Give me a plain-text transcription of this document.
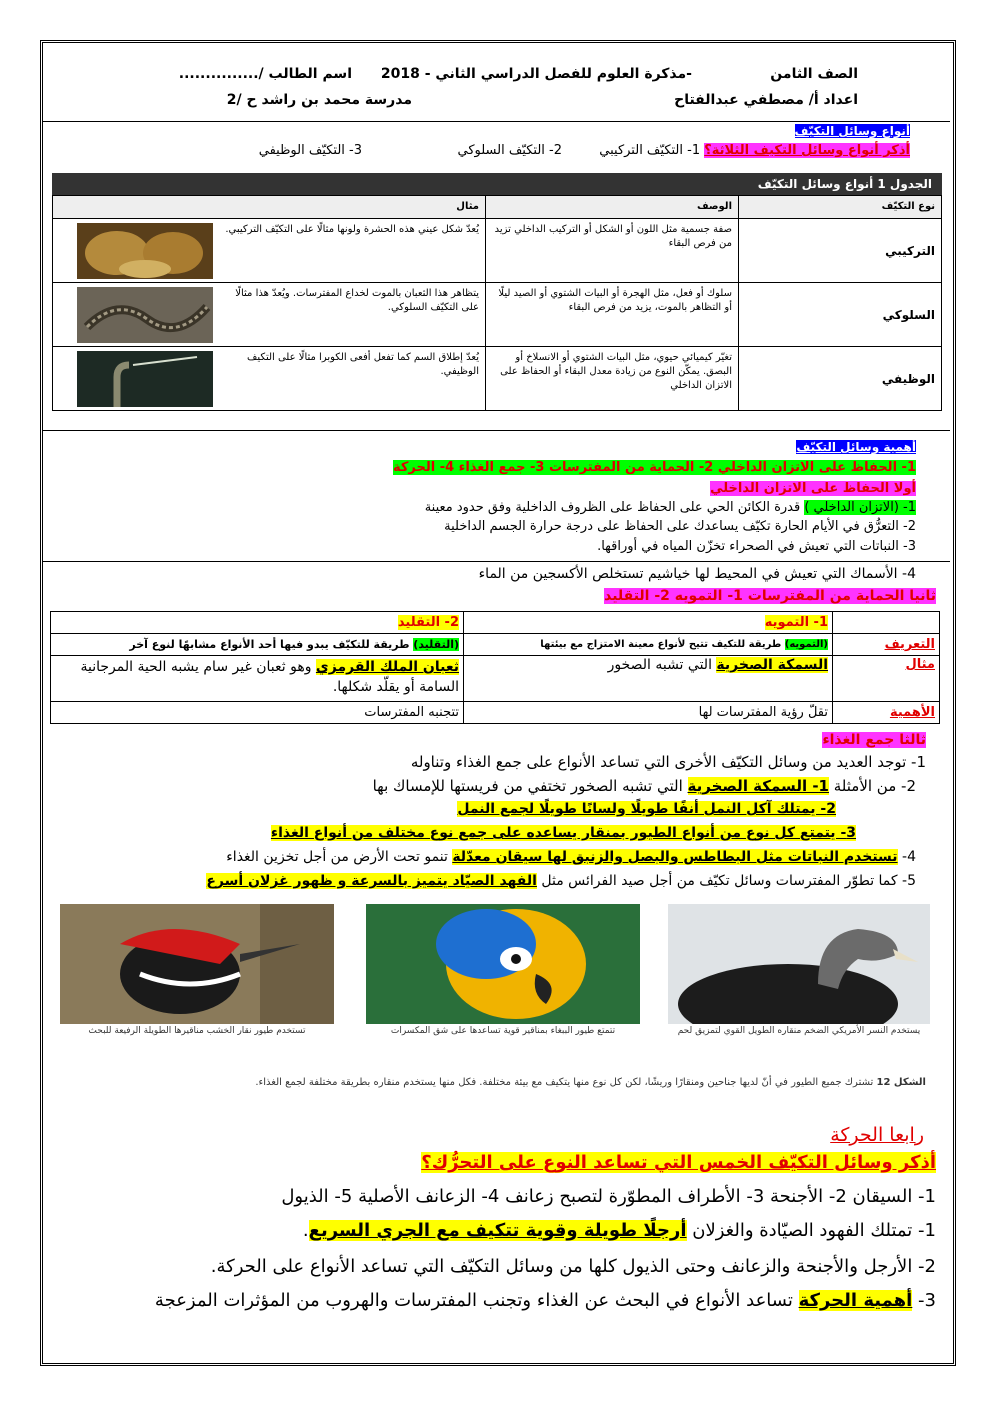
الصف الثامن
-مذكرة العلوم للفصل الدراسي الثاني - 2018
اسم الطالب /...............
اعداد أ/ مصطفي عبدالفتاح
مدرسة محمد بن راشد ح /2
أنواع وسائل التكيّف
أذكر أنواع وسائل التكيف الثلاثة؟ 1- التكيّف التركيبي
2- التكيّف السلوكي
3- التكيّف الوظيفي
الجدول 1 أنواع وسائل التكيّف
نوع التكيّف	الوصف	مثال
التركيبي	صفة جسمية مثل اللون أو الشكل أو التركيب الداخلي تزيد من فرص البقاء	يُعدّ شكل عيني هذه الحشرة ولونها مثالًا على التكيّف التركيبي.
السلوكي	سلوك أو فعل، مثل الهجرة أو البيات الشتوي أو الصيد ليلًا أو التظاهر بالموت، يزيد من فرص البقاء	يتظاهر هذا الثعبان بالموت لخداع المفترسات. ويُعدّ هذا مثالًا على التكيّف السلوكي.
الوظيفي	تغيّر كيميائي حيوي، مثل البيات الشتوي أو الانسلاخ أو البصق. يمكّن النوع من زيادة معدل البقاء أو الحفاظ على الاتزان الداخلي	يُعدّ إطلاق السم كما تفعل أفعى الكوبرا مثالًا على التكيف الوظيفي.
أهمية وسائل التكيّف
1- الحفاظ على الاتزان الداخلي 2- الحماية من المفترسات 3- جمع الغذاء 4- الحركة
أولا الحفاظ على الاتزان الداخلي
1- (الاتزان الداخلي ) قدرة الكائن الحي على الحفاظ على الظروف الداخلية وفق حدود معينة
2- التعرُّق في الأيام الحارة تكيّف يساعدك على الحفاظ على درجة حرارة الجسم الداخلية
3- النباتات التي تعيش في الصحراء تخزّن المياه في أوراقها.
4- الأسماك التي تعيش في المحيط لها خياشيم تستخلص الأكسجين من الماء
ثانيا الحماية من المفترسات 1- التمويه 2- التقليد
	1- التمويه	2- التقليد
التعريف	(التمويه) طريقة للتكيف تتيح لأنواع معينة الامتزاج مع بيئتها	(التقليد) طريقة للتكيّف يبدو فيها أحد الأنواع مشابهًا لنوع آخر
مثال	السمكة الصخرية التي تشبه الصخور	ثعبان الملك القرمزي وهو ثعبان غير سام يشبه الحية المرجانية السامة أو يقلّد شكلها.
الأهمية	تقلّ رؤية المفترسات لها	تتجنبه المفترسات
ثالثا جمع الغذاء
1- توجد العديد من وسائل التكيّف الأخرى التي تساعد الأنواع على جمع الغذاء وتناوله
2- من الأمثلة 1- السمكة الصخرية التي تشبه الصخور تختفي من فريستها للإمساك بها
2- يمتلك آكل النمل أنفًا طويلًا ولسانًا طويلًا لجمع النمل
3- يتمتع كل نوع من أنواع الطيور بمنقار يساعده على جمع نوع مختلف من أنواع الغذاء
4- تستخدم النباتات مثل البطاطس والبصل والزنبق لها سيقان معدّلة تنمو تحت الأرض من أجل تخزين الغذاء
5- كما تطوّر المفترسات وسائل تكيّف من أجل صيد الفرائس مثل الفهد الصيّاد يتميز بالسرعة و ظهور غزلان أسرع
تستخدم طيور نقار الخشب مناقيرها الطويلة الرفيعة للبحث	تتمتع طيور الببغاء بمناقير قوية تساعدها على شق المكسرات	يستخدم النسر الأمريكي الضخم منقاره الطويل القوي لتمزيق لحم
الشكل 12 تشترك جميع الطيور في أنّ لديها جناحين ومنقارًا وريشًا، لكن كل نوع منها يتكيف مع بيئة مختلفة. فكل منها يستخدم منقاره بطريقة مختلفة لجمع الغذاء.
رابعا الحركة
أذكر وسائل التكيّف الخمس التي تساعد النوع على التحرُّك؟
1- السيقان 2- الأجنحة 3- الأطراف المطوّرة لتصبح زعانف 4- الزعانف الأصلية 5- الذيول
1- تمتلك الفهود الصيّادة والغزلان أرجلًا طويلة وقوية تتكيف مع الجري السريع.
2- الأرجل والأجنحة والزعانف وحتى الذيول كلها من وسائل التكيّف التي تساعد الأنواع على الحركة.
3- أهمية الحركة تساعد الأنواع في البحث عن الغذاء وتجنب المفترسات والهروب من المؤثرات المزعجة
